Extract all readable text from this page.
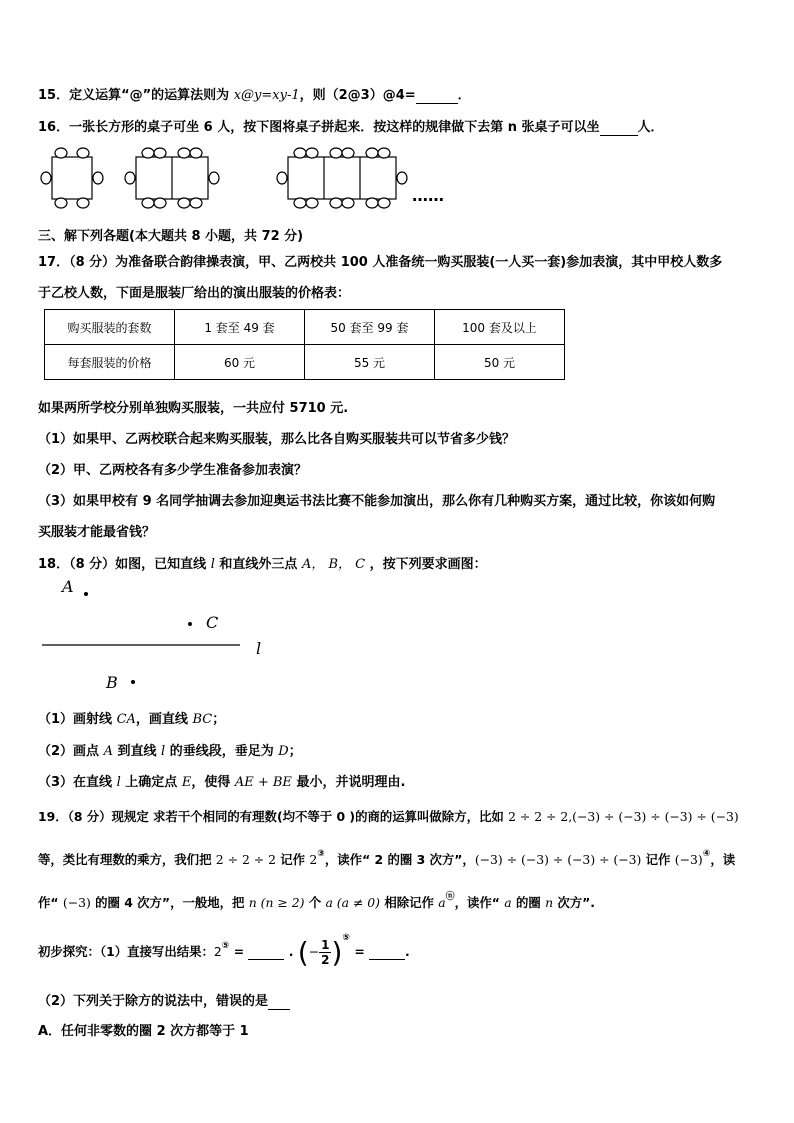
15．定义运算“@”的运算法则为 x@y=xy-1，则（2@3）@4=	．
16．一张长方形的桌子可坐 6 人，按下图将桌子拼起来．按这样的规律做下去第 n 张桌子可以坐	人．
……
三、解下列各题(本大题共 8 小题，共 72 分)
17．（8 分）为准备联合韵律操表演，甲、乙两校共 100 人准备统一购买服装(一人买一套)参加表演，其中甲校人数多
于乙校人数，下面是服装厂给出的演出服装的价格表：
购买服装的套数	1 套至 49 套	50 套至 99 套	100 套及以上
每套服装的价格	60 元	55 元	50 元
如果两所学校分别单独购买服装，一共应付 5710 元.
（1）如果甲、乙两校联合起来购买服装，那么比各自购买服装共可以节省多少钱？
（2）甲、乙两校各有多少学生准备参加表演？
（3）如果甲校有 9 名同学抽调去参加迎奥运书法比赛不能参加演出，那么你有几种购买方案，通过比较，你该如何购
买服装才能最省钱？
18．（8 分）如图，已知直线 l 和直线外三点 A， B， C ，按下列要求画图：
A
C
l
B
（1）画射线 CA，画直线 BC；
（2）画点 A 到直线 l 的垂线段，垂足为 D；
（3）在直线 l 上确定点 E，使得 AE + BE 最小，并说明理由.
19．（8 分）现规定 求若干个相同的有理数(均不等于 0 )的商的运算叫做除方，比如 2 ÷ 2 ÷ 2,(−3) ÷ (−3) ÷ (−3) ÷ (−3)
等，类比有理数的乘方，我们把 2 ÷ 2 ÷ 2 记作 2③，读作“ 2 的圈 3 次方”，(−3) ÷ (−3) ÷ (−3) ÷ (−3) 记作 (−3)④，读
作“ (−3) 的圈 4 次方”，一般地，把 n (n ≥ 2) 个 a (a ≠ 0) 相除记作 aⓝ，读作“ a 的圈 n 次方”.
初步探究：（1）直接写出结果：2⑤ =	. (− $\frac{1}{2} )^⑤$ =	.
（2）下列关于除方的说法中，错误的是
A．任何非零数的圈 2 次方都等于 1
